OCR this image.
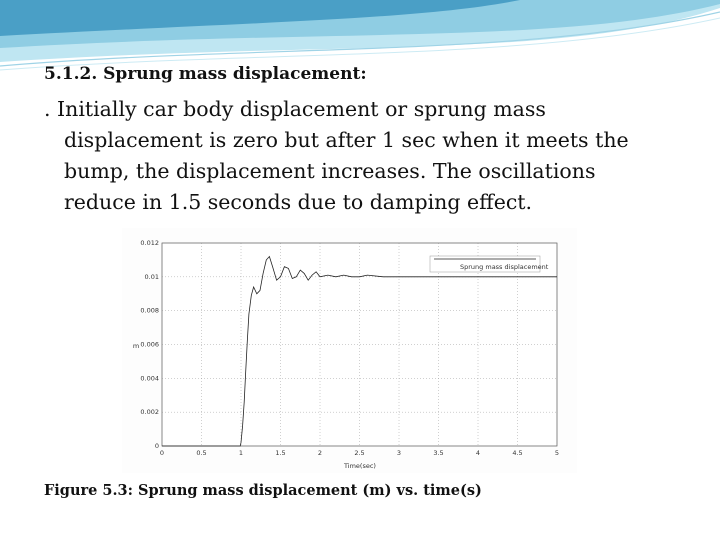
5.1.2. Sprung mass displacement:

. Initially car body displacement or sprung mass
displacement is zero but after 1 sec when it meets the
bump, the displacement increases. The oscillations
reduce in 1.5 seconds due to damping effect.

0
0.002
0.004
0.006
0.008
0.01
0.012
0	0.5	1	1.5	2	2.5	3	3.5	4	4.5	5
Sprung mass displacement
Time(sec)
m

Figure 5.3: Sprung mass displacement (m) vs. time(s)
